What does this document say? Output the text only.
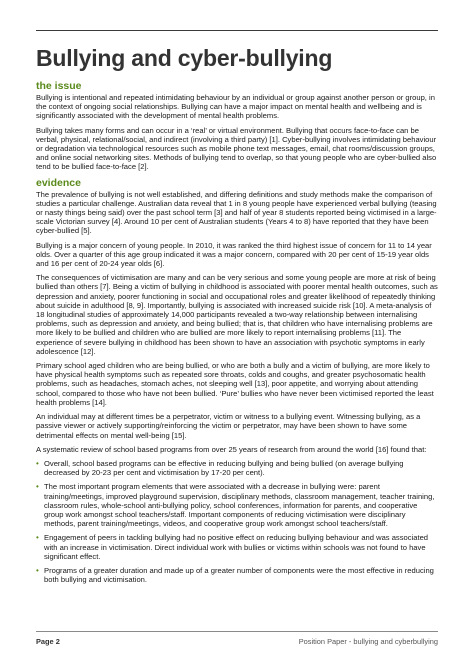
Bullying and cyber-bullying
the issue

Bullying is intentional and repeated intimidating behaviour by an individual or group against another person or group, in the context of ongoing social relationships. Bullying can have a major impact on mental health and wellbeing and is significantly associated with the development of mental health problems.

Bullying takes many forms and can occur in a ‘real’ or virtual environment. Bullying that occurs face-to-face can be verbal, physical, relational/social, and indirect (involving a third party) [1]. Cyber-bullying involves intimidating behaviour or degradation via technological resources such as mobile phone text messages, email, chat rooms/discussion groups, and online social networking sites. Methods of bullying tend to overlap, so that young people who are cyber-bullied also tend to be bullied face-to-face [2].

evidence

The prevalence of bullying is not well established, and differing definitions and study methods make the comparison of studies a particular challenge. Australian data reveal that 1 in 8 young people have experienced verbal bullying (teasing or nasty things being said) over the past school term [3] and half of year 8 students reported being victimised in a large-scale Victorian survey [4]. Around 10 per cent of Australian students (Years 4 to 8) have reported that they have been cyber-bullied [5].

Bullying is a major concern of young people. In 2010, it was ranked the third highest issue of concern for 11 to 14 year olds. Over a quarter of this age group indicated it was a major concern, compared with 20 per cent of 15-19 year olds and 16 per cent of 20-24 year olds [6].

The consequences of victimisation are many and can be very serious and some young people are more at risk of being bullied than others [7]. Being a victim of bullying in childhood is associated with poorer mental health outcomes, such as depression and anxiety, poorer functioning in social and occupational roles and greater likelihood of repeatedly thinking about suicide in adulthood [8, 9]. Importantly, bullying is associated with increased suicide risk [10]. A meta-analysis of 18 longitudinal studies of approximately 14,000 participants revealed a two-way relationship between internalising problems, such as depression and anxiety, and being bullied; that is, that children who have internalising problems are more likely to be bullied and children who are bullied are more likely to report internalising problems [11]. The experience of severe bullying in childhood has been shown to have an association with psychotic symptoms in early adolescence [12].

Primary school aged children who are being bullied, or who are both a bully and a victim of bullying, are more likely to have physical health symptoms such as repeated sore throats, colds and coughs, and greater psychosomatic health problems, such as headaches, stomach aches, not sleeping well [13], poor appetite, and worrying about attending school, compared to those who have not been bullied. ‘Pure’ bullies who have never been victimised reported the least health problems [14].

An individual may at different times be a perpetrator, victim or witness to a bullying event. Witnessing bullying, as a passive viewer or actively supporting/reinforcing the victim or perpetrator, may have been shown to have some detrimental effects on mental well-being [15].

A systematic review of school based programs from over 25 years of research from around the world [16] found that:

• Overall, school based programs can be effective in reducing bullying and being bullied (on average bullying decreased by 20-23 per cent and victimisation by 17-20 per cent).
• The most important program elements that were associated with a decrease in bullying were: parent training/meetings, improved playground supervision, disciplinary methods, classroom management, teacher training, classroom rules, whole-school anti-bullying policy, school conferences, information for parents, and cooperative group work amongst school teachers/staff. Important components of reducing victimisation were disciplinary methods, parent training/meetings, videos, and cooperative group work amongst school teachers/staff.
• Engagement of peers in tackling bullying had no positive effect on reducing bullying behaviour and was associated with an increase in victimisation. Direct individual work with bullies or victims within schools was not found to have significant effect.
• Programs of a greater duration and made up of a greater number of components were the most effective in reducing both bullying and victimisation.
Page 2	Position Paper - bullying and cyberbullying
